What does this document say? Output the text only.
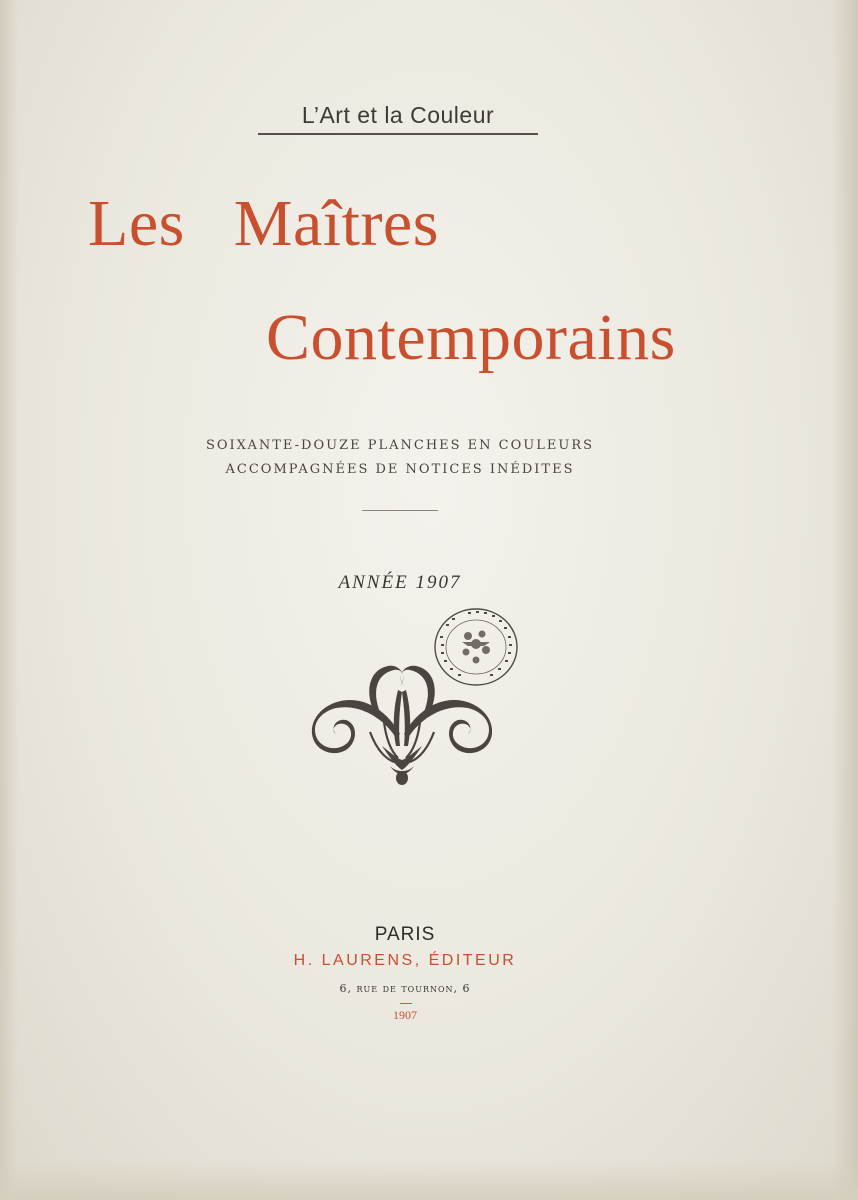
L’Art et la Couleur
Les Maîtres
Contemporains
SOIXANTE-DOUZE PLANCHES EN COULEURS
ACCOMPAGNÉES DE NOTICES INÉDITES
ANNÉE 1907
PARIS
H. LAURENS, ÉDITEUR
6, rue de tournon, 6
1907
